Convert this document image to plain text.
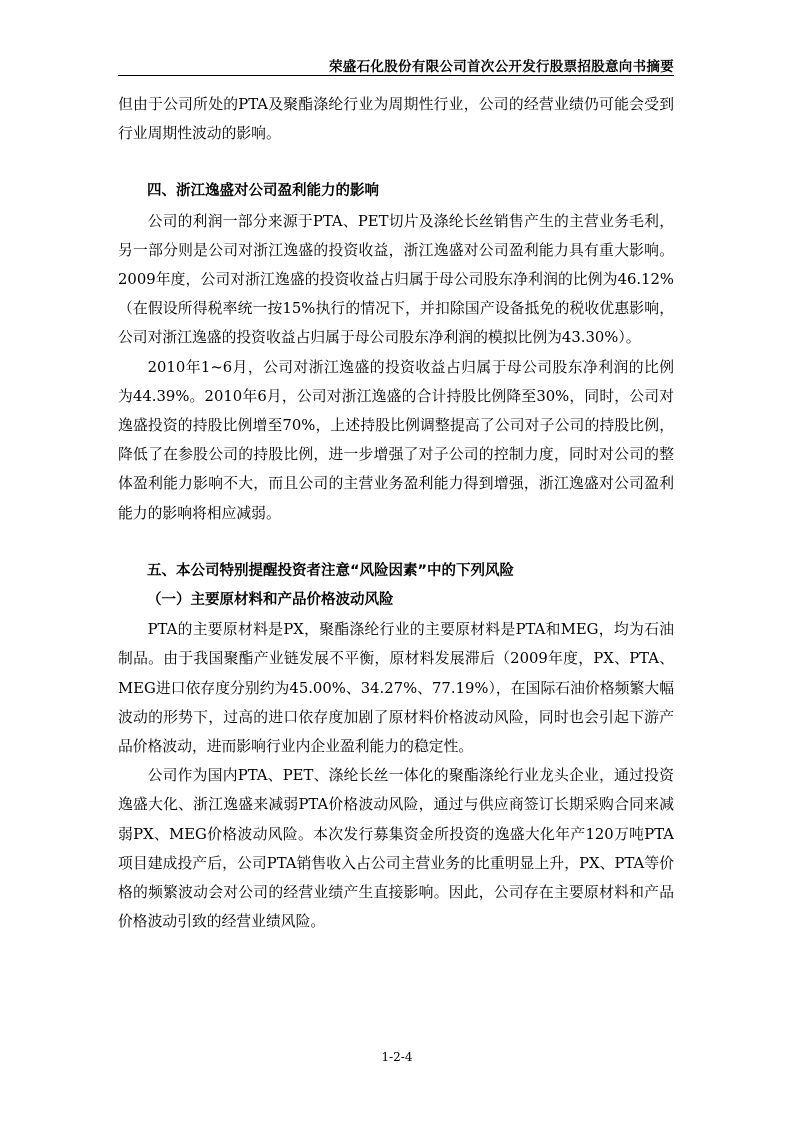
荣盛石化股份有限公司首次公开发行股票招股意向书摘要

但由于公司所处的PTA及聚酯涤纶行业为周期性行业，公司的经营业绩仍可能会受到行业周期性波动的影响。

四、浙江逸盛对公司盈利能力的影响

公司的利润一部分来源于PTA、PET切片及涤纶长丝销售产生的主营业务毛利，另一部分则是公司对浙江逸盛的投资收益，浙江逸盛对公司盈利能力具有重大影响。2009年度，公司对浙江逸盛的投资收益占归属于母公司股东净利润的比例为46.12%（在假设所得税率统一按15%执行的情况下，并扣除国产设备抵免的税收优惠影响，公司对浙江逸盛的投资收益占归属于母公司股东净利润的模拟比例为43.30%）。

2010年1~6月，公司对浙江逸盛的投资收益占归属于母公司股东净利润的比例为44.39%。2010年6月，公司对浙江逸盛的合计持股比例降至30%，同时，公司对逸盛投资的持股比例增至70%，上述持股比例调整提高了公司对子公司的持股比例，降低了在参股公司的持股比例，进一步增强了对子公司的控制力度，同时对公司的整体盈利能力影响不大，而且公司的主营业务盈利能力得到增强，浙江逸盛对公司盈利能力的影响将相应减弱。

五、本公司特别提醒投资者注意“风险因素”中的下列风险
（一）主要原材料和产品价格波动风险

PTA的主要原材料是PX，聚酯涤纶行业的主要原材料是PTA和MEG，均为石油制品。由于我国聚酯产业链发展不平衡，原材料发展滞后（2009年度，PX、PTA、MEG进口依存度分别约为45.00%、34.27%、77.19%），在国际石油价格频繁大幅波动的形势下，过高的进口依存度加剧了原材料价格波动风险，同时也会引起下游产品价格波动，进而影响行业内企业盈利能力的稳定性。

公司作为国内PTA、PET、涤纶长丝一体化的聚酯涤纶行业龙头企业，通过投资逸盛大化、浙江逸盛来减弱PTA价格波动风险，通过与供应商签订长期采购合同来减弱PX、MEG价格波动风险。本次发行募集资金所投资的逸盛大化年产120万吨PTA项目建成投产后，公司PTA销售收入占公司主营业务的比重明显上升，PX、PTA等价格的频繁波动会对公司的经营业绩产生直接影响。因此，公司存在主要原材料和产品价格波动引致的经营业绩风险。

1-2-4
